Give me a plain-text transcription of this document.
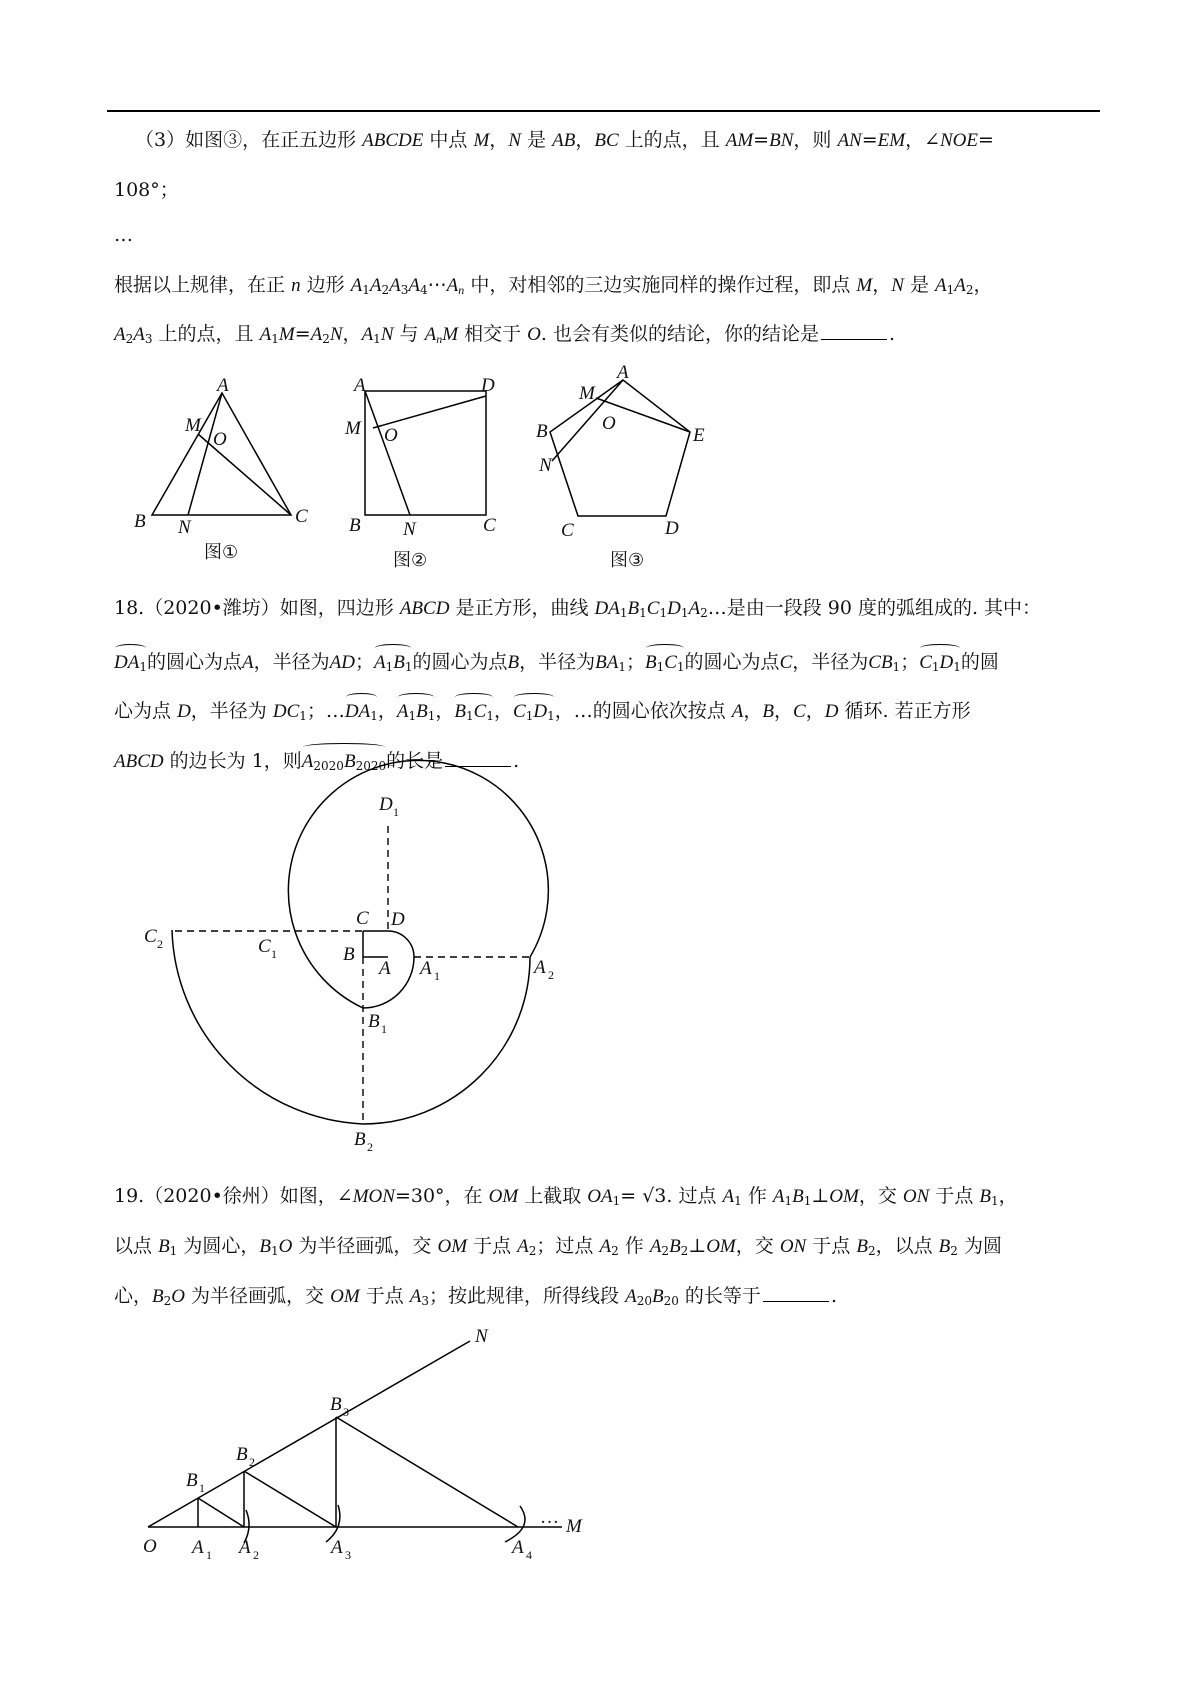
（3）如图③，在正五边形 ABCDE 中点 M，N 是 AB，BC 上的点，且 AM=BN，则 AN=EM，∠NOE=
108°；
…
根据以上规律，在正 n 边形 $A_1A_2A_3A_4\cdots A_n$ 中，对相邻的三边实施同样的操作过程，即点 M，N 是 $A_1A_2$，
$A_2A_3$ 上的点，且 $A_1M=A_2N$，$A_1N$ 与 $A_nM$ 相交于 O. 也会有类似的结论，你的结论是	.
A
M
O
B N
C
图①
A	D
M O
B N	C
图②
A
M
O
B	E
N
C	D
图③
18.（2020•潍坊）如图，四边形 ABCD 是正方形，曲线 $DA_1B_1C_1D_1A_2\dots$是由一段段 90 度的弧组成的. 其中：
$DA_1$的圆心为点A，半径为AD；$A_1B_1$的圆心为点B，半径为$BA_1$；$B_1C_1$的圆心为点C，半径为$CB_1$；$C_1D_1$的圆
心为点 D，半径为 $DC_1$；$\dots DA_1$，$A_1B_1$，$B_1C_1$，$C_1D_1$，…的圆心依次按点 A，B，C，D 循环. 若正方形
ABCD 的边长为 1，则$A_{2020}B_{2020}$的长是	.
D 1
C D
C 2	C 1	B
A A 1	A 2
B 1
B 2
19.（2020•徐州）如图，∠MON=30°，在 OM 上截取 $OA_1= √3$. 过点 $A_1$ 作 $A_1B_1\perp OM$，交 ON 于点 $B_1$，
以点 $B_1$ 为圆心，$B_1O$ 为半径画弧，交 OM 于点 $A_2$；过点 $A_2$ 作 $A_2B_2\perp OM$，交 ON 于点 $B_2$，以点 $B_2$ 为圆
心，$B_2O$ 为半径画弧，交 OM 于点 $A_3$；按此规律，所得线段 $A_{20}B_{20}$ 的长等于	.
N
B 3
B 2
B 1
O A 1 A 2	A 3	A 4
… M
